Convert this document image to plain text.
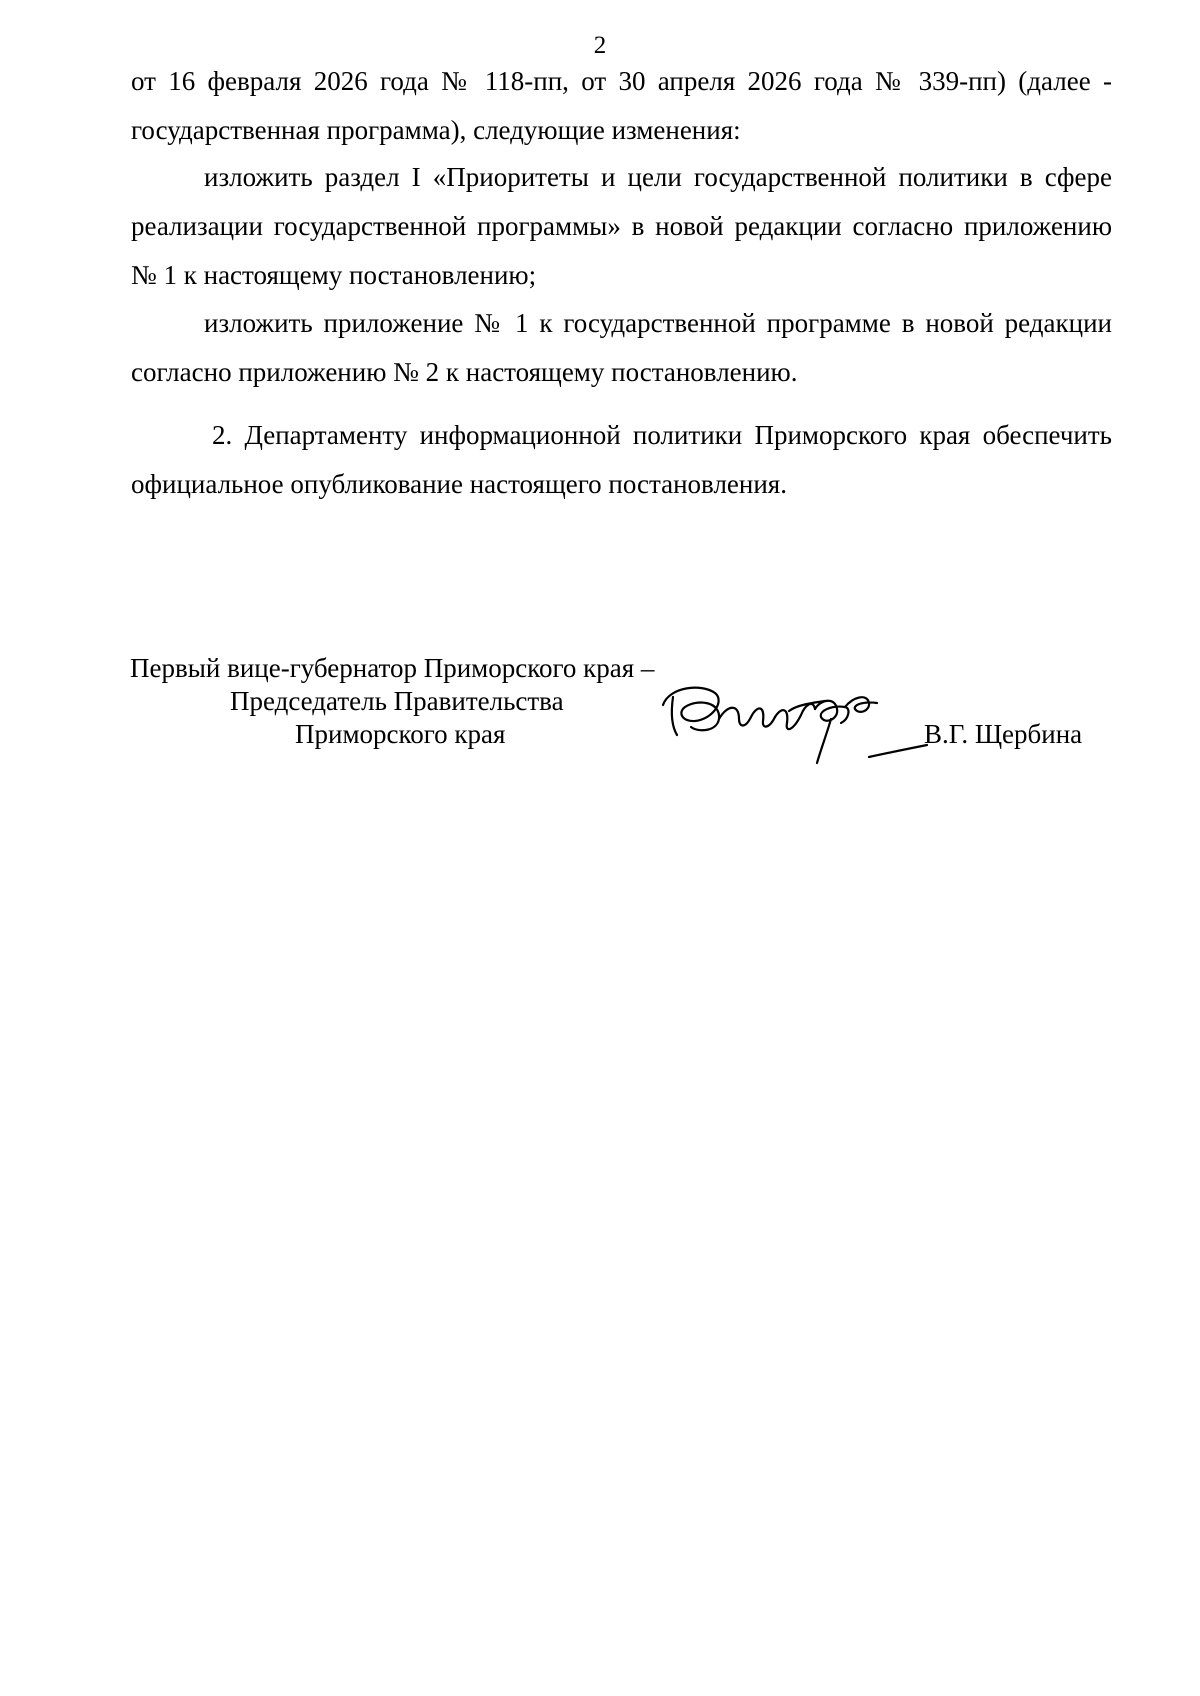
2

от 16 февраля 2026 года № 118-пп, от 30 апреля 2026 года № 339-пп) (далее - государственная программа), следующие изменения:

изложить раздел I «Приоритеты и цели государственной политики в сфере реализации государственной программы» в новой редакции согласно приложению № 1 к настоящему постановлению;

изложить приложение № 1 к государственной программе в новой редакции согласно приложению № 2 к настоящему постановлению.

2. Департаменту информационной политики Приморского края обеспечить официальное опубликование настоящего постановления.

Первый вице-губернатор Приморского края –
Председатель Правительства
Приморского края	В.Г. Щербина
